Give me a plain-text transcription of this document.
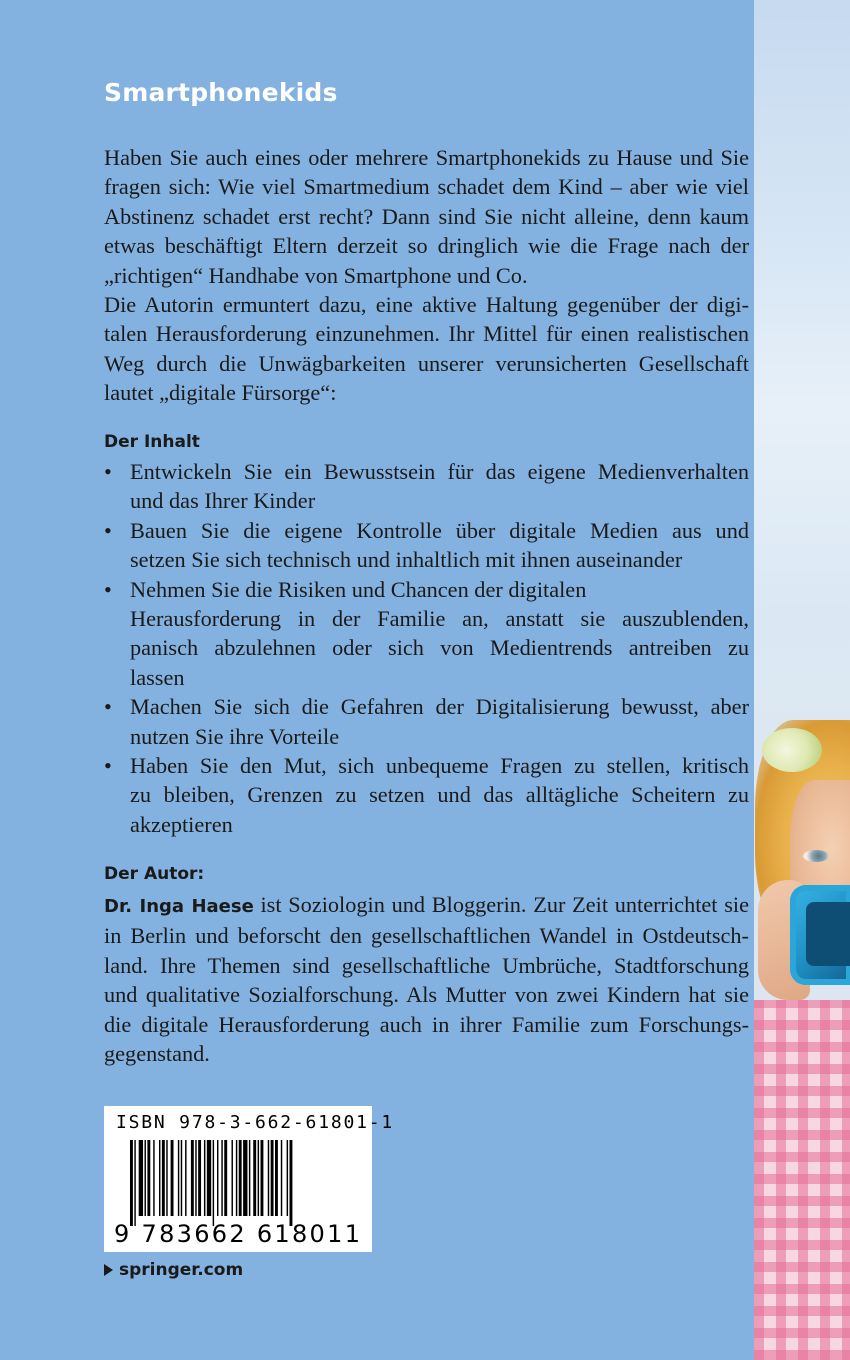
Smartphonekids

Haben Sie auch eines oder mehrere Smartphonekids zu Hause und Sie
fragen sich: Wie viel Smartmedium schadet dem Kind – aber wie viel
Abstinenz schadet erst recht? Dann sind Sie nicht alleine, denn kaum
etwas beschäftigt Eltern derzeit so dringlich wie die Frage nach der
„richtigen“ Handhabe von Smartphone und Co.
Die Autorin ermuntert dazu, eine aktive Haltung gegenüber der digi-
talen Herausforderung einzunehmen. Ihr Mittel für einen realistischen
Weg durch die Unwägbarkeiten unserer verunsicherten Gesellschaft
lautet „digitale Fürsorge“:

Der Inhalt
• Entwickeln Sie ein Bewusstsein für das eigene Medienverhalten
und das Ihrer Kinder
• Bauen Sie die eigene Kontrolle über digitale Medien aus und
setzen Sie sich technisch und inhaltlich mit ihnen auseinander
• Nehmen Sie die Risiken und Chancen der digitalen
Herausforderung in der Familie an, anstatt sie auszublenden,
panisch abzulehnen oder sich von Medientrends antreiben zu
lassen
• Machen Sie sich die Gefahren der Digitalisierung bewusst, aber
nutzen Sie ihre Vorteile
• Haben Sie den Mut, sich unbequeme Fragen zu stellen, kritisch
zu bleiben, Grenzen zu setzen und das alltägliche Scheitern zu
akzeptieren
Der Autor:

Dr. Inga Haese ist Soziologin und Bloggerin. Zur Zeit unterrichtet sie
in Berlin und beforscht den gesellschaftlichen Wandel in Ostdeutsch-
land. Ihre Themen sind gesellschaftliche Umbrüche, Stadtforschung
und qualitative Sozialforschung. Als Mutter von zwei Kindern hat sie
die digitale Herausforderung auch in ihrer Familie zum Forschungs-
gegenstand.

ISBN 978-3-662-61801-1
9 783662 618011
springer.com
